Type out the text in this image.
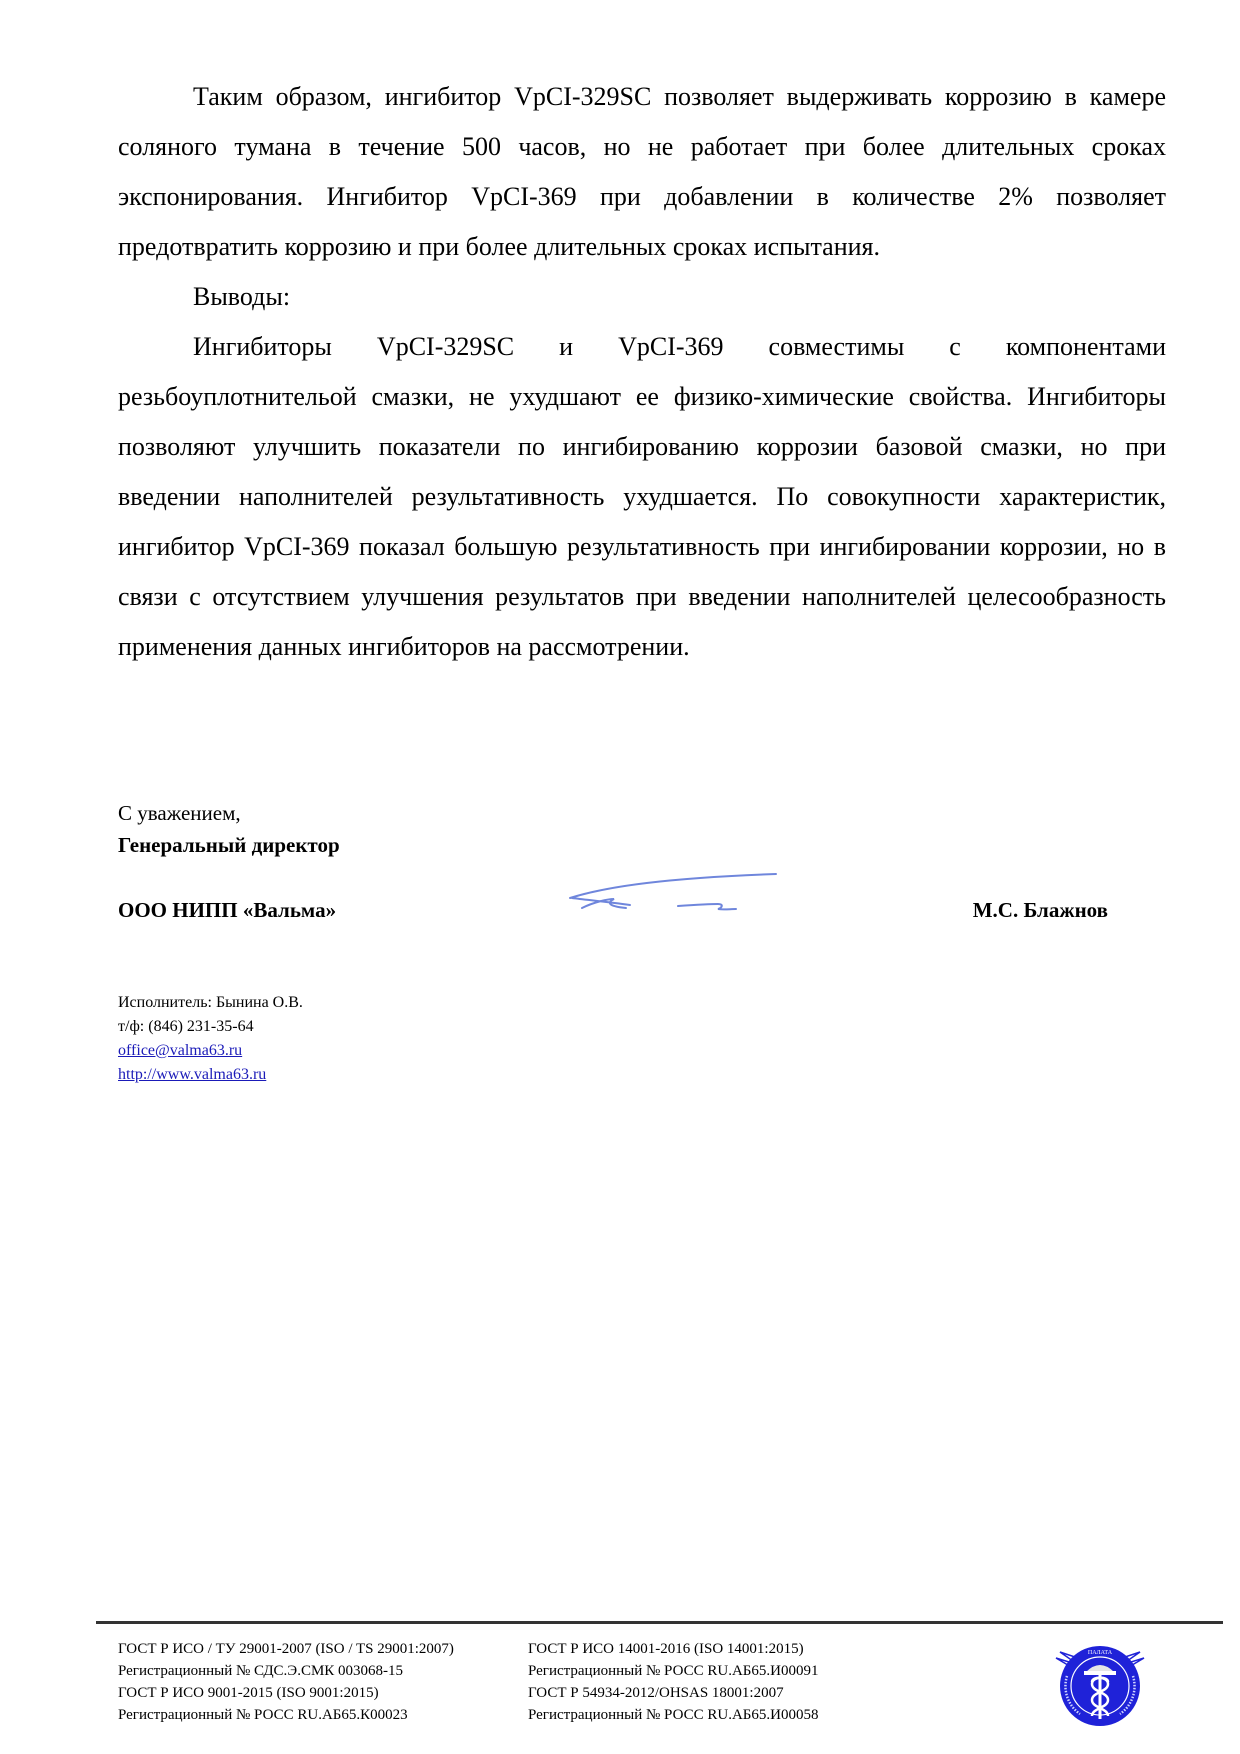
Таким образом, ингибитор VpCI-329SC позволяет выдерживать коррозию в камере соляного тумана в течение 500 часов, но не работает при более длительных сроках экспонирования. Ингибитор VpCI-369 при добавлении в количестве 2% позволяет предотвратить коррозию и при более длительных сроках испытания.

Выводы:

Ингибиторы VpCI-329SC и VpCI-369 совместимы с компонентами резьбоуплотнительой смазки, не ухудшают ее физико-химические свойства. Ингибиторы позволяют улучшить показатели по ингибированию коррозии базовой смазки, но при введении наполнителей результативность ухудшается. По совокупности характеристик, ингибитор VpCI-369 показал большую результативность при ингибировании коррозии, но в связи с отсутствием улучшения результатов при введении наполнителей целесообразность применения данных ингибиторов на рассмотрении.

С уважением,
Генеральный директор
ООО НИПП «Вальма»	М.С. Блажнов
Исполнитель: Бынина О.В.
т/ф: (846) 231-35-64
office@valma63.ru
http://www.valma63.ru
ГОСТ Р ИСО / ТУ 29001-2007 (ISO / TS 29001:2007)
Регистрационный № СДС.Э.СМК 003068-15
ГОСТ Р ИСО 9001-2015 (ISO 9001:2015)
Регистрационный № РОСС RU.АБ65.К00023
ГОСТ Р ИСО 14001-2016 (ISO 14001:2015)
Регистрационный № РОСС RU.АБ65.И00091
ГОСТ Р 54934-2012/OHSAS 18001:2007
Регистрационный № РОСС RU.АБ65.И00058
ПАЛАТА
